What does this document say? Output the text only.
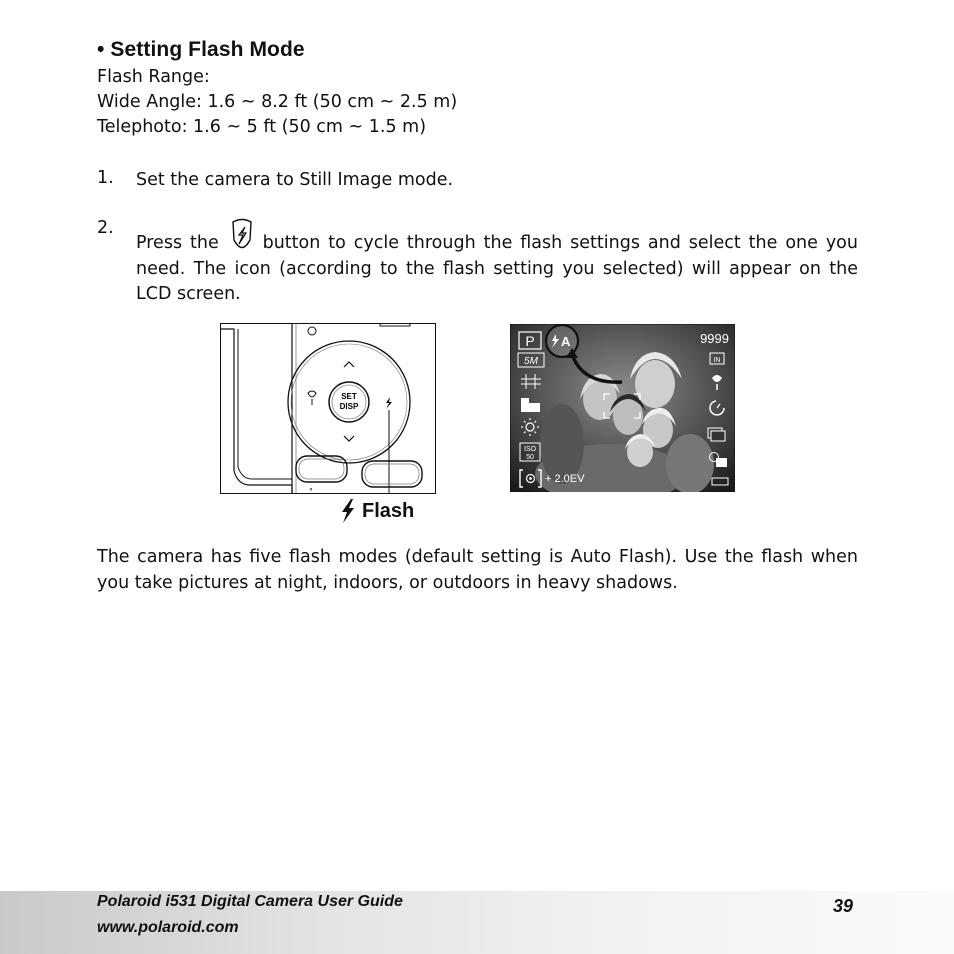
• Setting Flash Mode
Flash Range:
Wide Angle: 1.6 ~ 8.2 ft (50 cm ~ 2.5 m)
Telephoto: 1.6 ~ 5 ft (50 cm ~ 1.5 m)
1. Set the camera to Still Image mode.
2.
Press the	button to cycle through the flash settings and select the one you need. The icon (according to the flash setting you selected) will appear on the LCD screen.
SET
DISP
⚬
Flash
P A	9999
IN
5M
ISO
50
+ 2.0EV
The camera has five flash modes (default setting is Auto Flash). Use the flash when you take pictures at night, indoors, or outdoors in heavy shadows.
Polaroid i531 Digital Camera User Guide
www.polaroid.com
39
